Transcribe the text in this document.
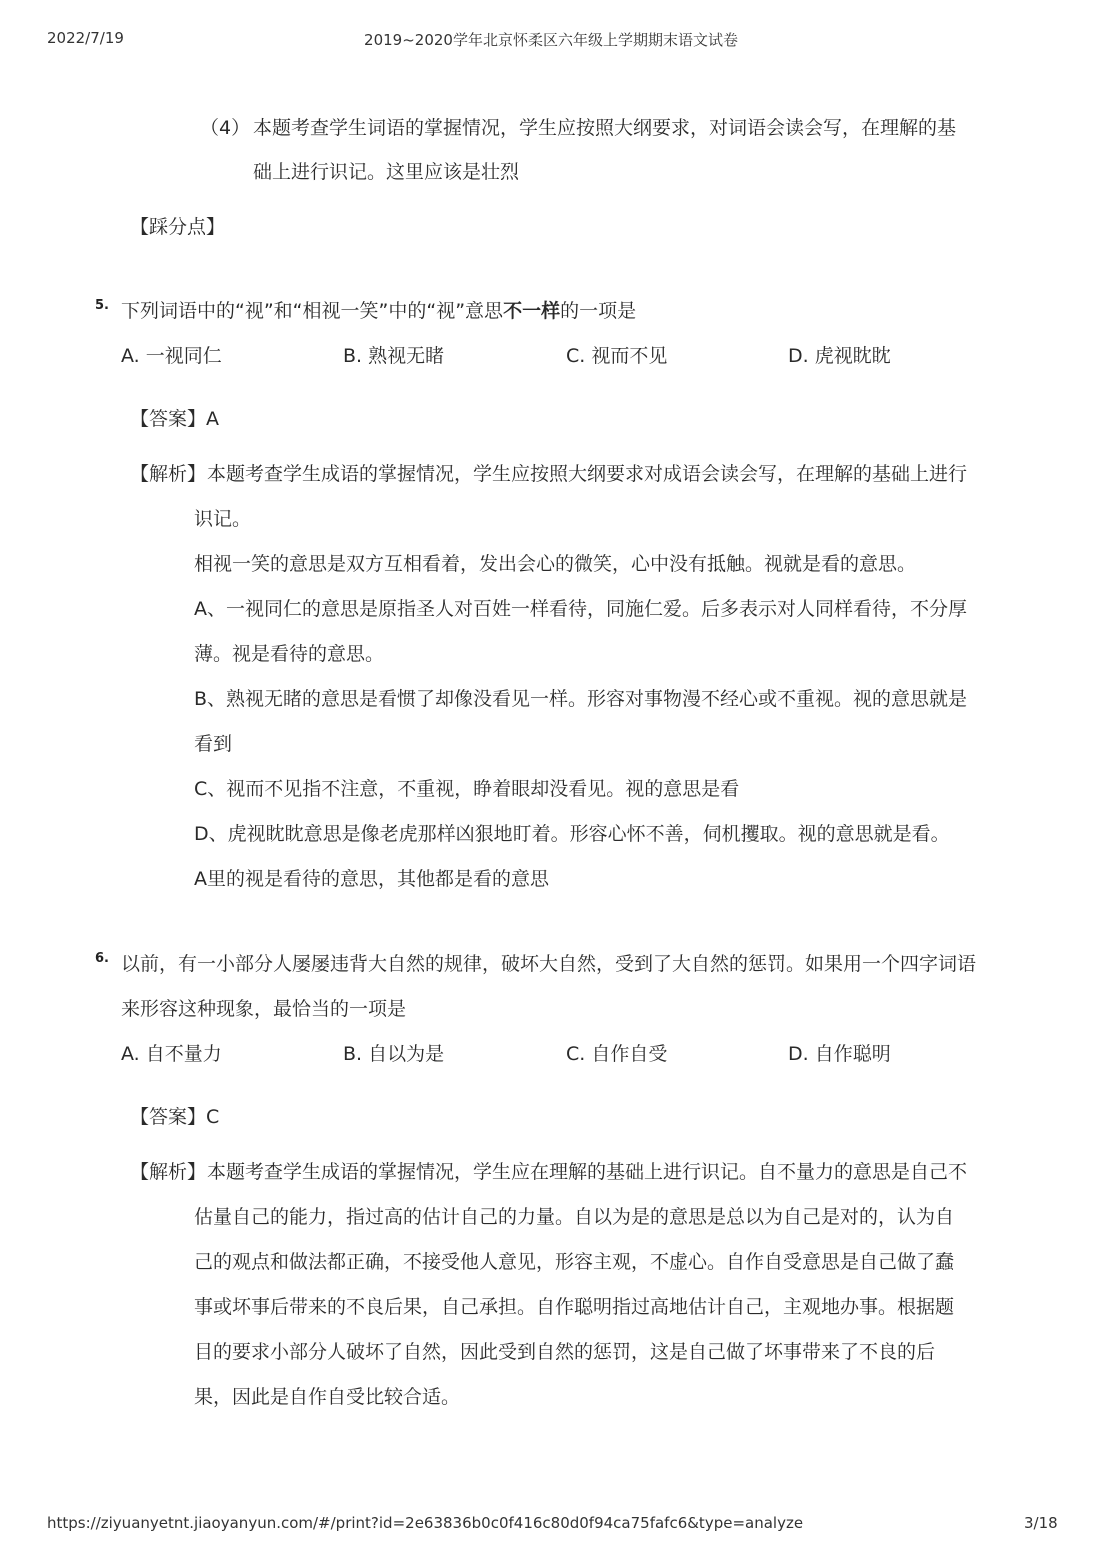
2022/7/19	2019~2020学年北京怀柔区六年级上学期期末语文试卷
（4） 本题考查学生词语的掌握情况，学生应按照大纲要求，对词语会读会写，在理解的基
础上进行识记。这里应该是壮烈
【踩分点】
5. 下列词语中的“视”和“相视一笑”中的“视”意思不一样的一项是
A. 一视同仁	B. 熟视无睹	C. 视而不见	D. 虎视眈眈
【答案】A
【解析】 本题考查学生成语的掌握情况，学生应按照大纲要求对成语会读会写，在理解的基础上进行
识记。
相视一笑的意思是双方互相看着，发出会心的微笑，心中没有抵触。视就是看的意思。
A、一视同仁的意思是原指圣人对百姓一样看待，同施仁爱。后多表示对人同样看待，不分厚
薄。视是看待的意思。
B、熟视无睹的意思是看惯了却像没看见一样。形容对事物漫不经心或不重视。视的意思就是
看到
C、视而不见指不注意，不重视，睁着眼却没看见。视的意思是看
D、虎视眈眈意思是像老虎那样凶狠地盯着。形容心怀不善，伺机攫取。视的意思就是看。
A里的视是看待的意思，其他都是看的意思
6. 以前，有一小部分人屡屡违背大自然的规律，破坏大自然，受到了大自然的惩罚。如果用一个四字词语
来形容这种现象，最恰当的一项是
A. 自不量力	B. 自以为是	C. 自作自受	D. 自作聪明
【答案】C
【解析】 本题考查学生成语的掌握情况，学生应在理解的基础上进行识记。自不量力的意思是自己不
估量自己的能力，指过高的估计自己的力量。自以为是的意思是总以为自己是对的，认为自
己的观点和做法都正确，不接受他人意见，形容主观，不虚心。自作自受意思是自己做了蠢
事或坏事后带来的不良后果，自己承担。自作聪明指过高地估计自己，主观地办事。根据题
目的要求小部分人破坏了自然，因此受到自然的惩罚，这是自己做了坏事带来了不良的后
果，因此是自作自受比较合适。
https://ziyuanyetnt.jiaoyanyun.com/#/print?id=2e63836b0c0f416c80d0f94ca75fafc6&type=analyze	3/18
